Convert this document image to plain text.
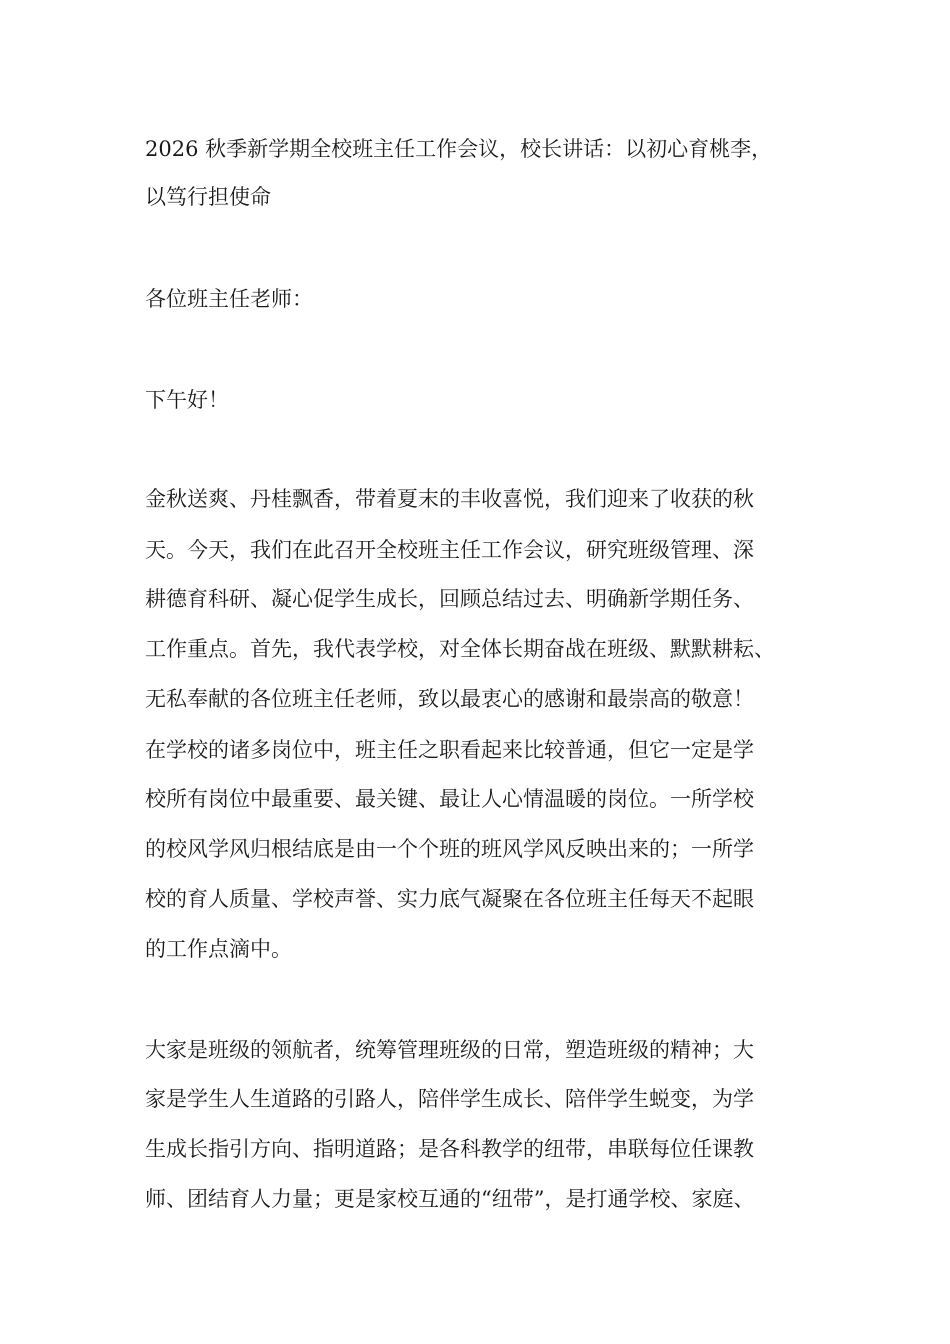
2026 秋季新学期全校班主任工作会议，校长讲话：以初心育桃李，
以笃行担使命
各位班主任老师：
下午好！
金秋送爽、丹桂飘香，带着夏末的丰收喜悦，我们迎来了收获的秋
天。今天，我们在此召开全校班主任工作会议，研究班级管理、深
耕德育科研、凝心促学生成长，回顾总结过去、明确新学期任务、
工作重点。首先，我代表学校，对全体长期奋战在班级、默默耕耘、
无私奉献的各位班主任老师，致以最衷心的感谢和最崇高的敬意！
在学校的诸多岗位中，班主任之职看起来比较普通，但它一定是学
校所有岗位中最重要、最关键、最让人心情温暖的岗位。一所学校
的校风学风归根结底是由一个个班的班风学风反映出来的；一所学
校的育人质量、学校声誉、实力底气凝聚在各位班主任每天不起眼
的工作点滴中。
大家是班级的领航者，统筹管理班级的日常，塑造班级的精神；大
家是学生人生道路的引路人，陪伴学生成长、陪伴学生蜕变，为学
生成长指引方向、指明道路；是各科教学的纽带，串联每位任课教
师、团结育人力量；更是家校互通的“纽带”，是打通学校、家庭、
